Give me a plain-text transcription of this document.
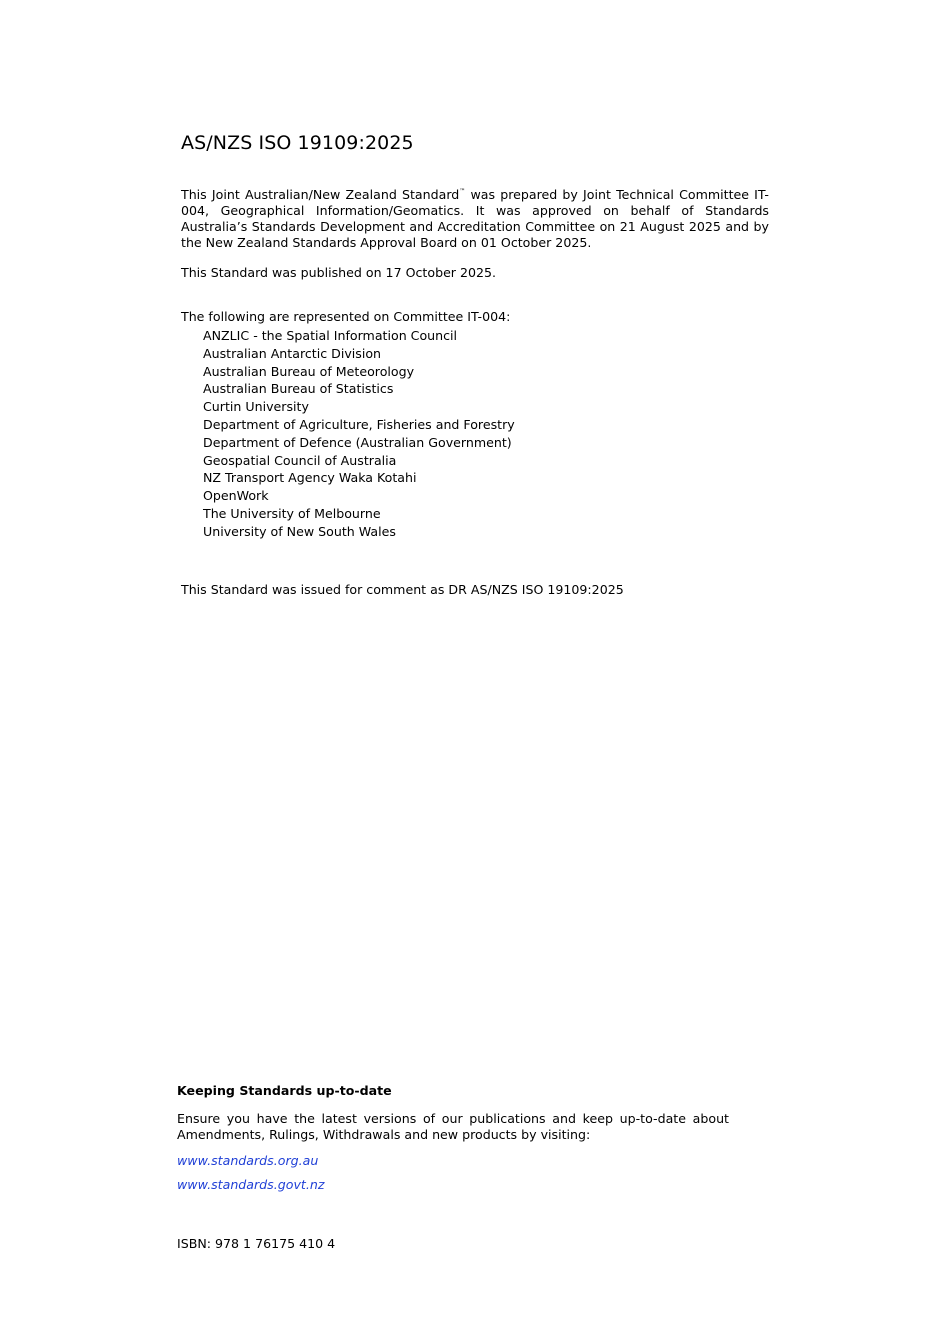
AS/NZS ISO 19109:2025

This Joint Australian/New Zealand Standard™ was prepared by Joint Technical Committee IT-004, Geographical Information/Geomatics. It was approved on behalf of Standards Australia’s Standards Development and Accreditation Committee on 21 August 2025 and by the New Zealand Standards Approval Board on 01 October 2025.

This Standard was published on 17 October 2025.

The following are represented on Committee IT-004:

ANZLIC - the Spatial Information Council
Australian Antarctic Division
Australian Bureau of Meteorology
Australian Bureau of Statistics
Curtin University
Department of Agriculture, Fisheries and Forestry
Department of Defence (Australian Government)
Geospatial Council of Australia
NZ Transport Agency Waka Kotahi
OpenWork
The University of Melbourne
University of New South Wales

This Standard was issued for comment as DR AS/NZS ISO 19109:2025

Keeping Standards up-to-date

Ensure you have the latest versions of our publications and keep up-to-date about Amendments, Rulings, Withdrawals and new products by visiting:

www.standards.org.au
www.standards.govt.nz

ISBN: 978 1 76175 410 4
